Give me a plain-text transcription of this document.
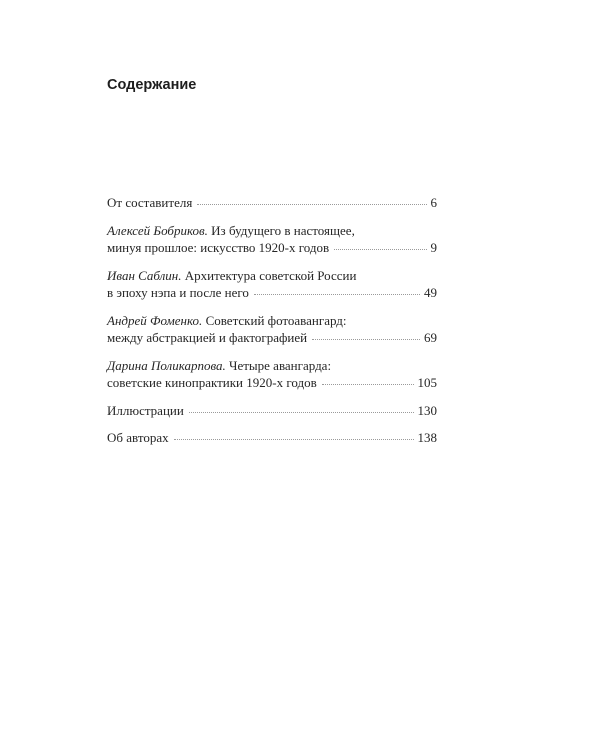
Содержание
От составителя	6
Алексей Бобриков. Из будущего в настоящее,
минуя прошлое: искусство 1920-х годов	9
Иван Саблин. Архитектура советской России
в эпоху нэпа и после него	49
Андрей Фоменко. Советский фотоавангард:
между абстракцией и фактографией	69
Дарина Поликарпова. Четыре авангарда:
советские кинопрактики 1920-х годов	105
Иллюстрации	130
Об авторах	138
